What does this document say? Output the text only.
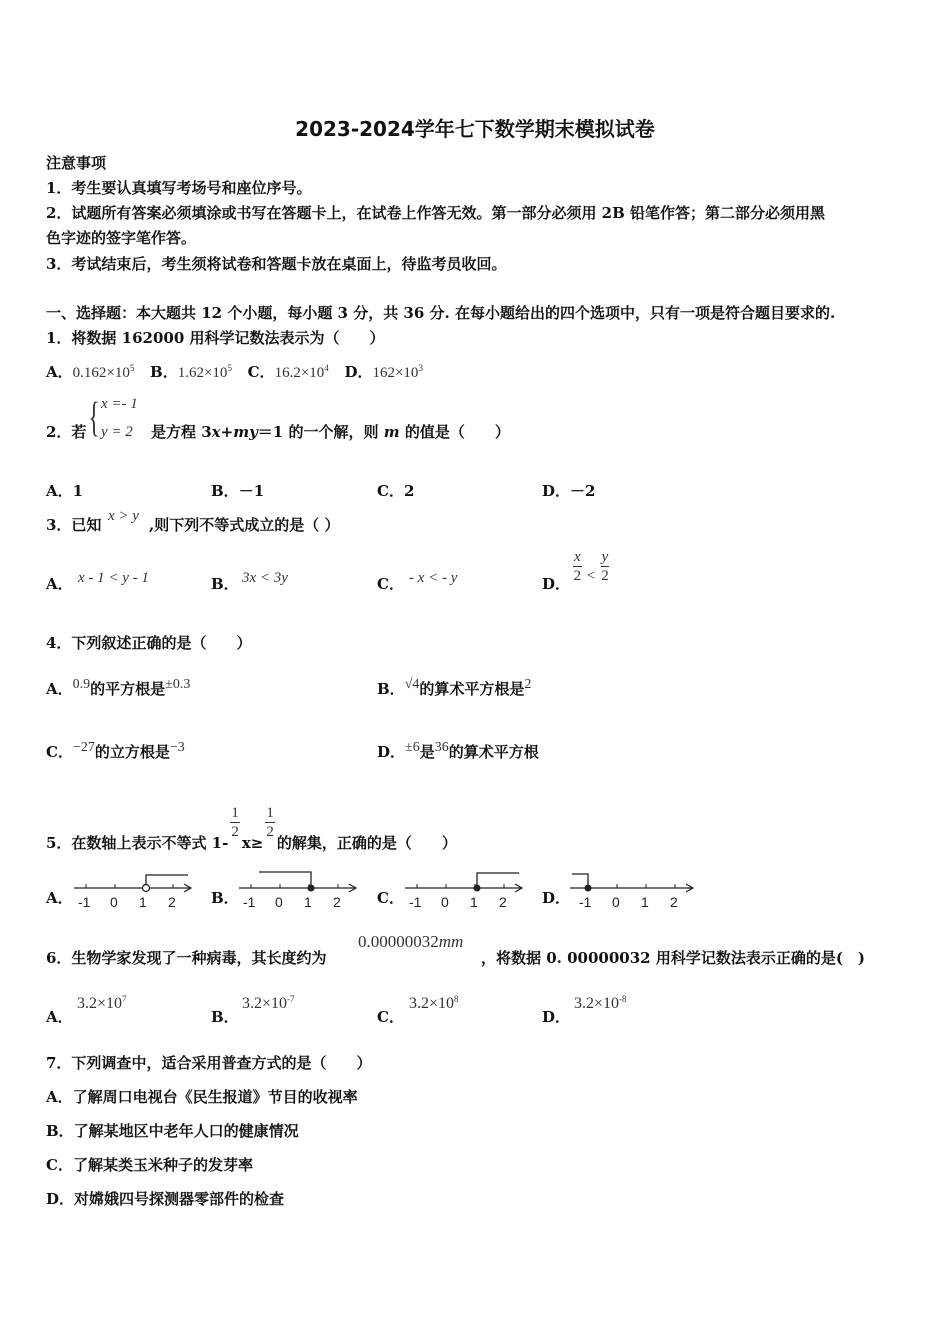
2023-2024学年七下数学期末模拟试卷
注意事项
1．考生要认真填写考场号和座位序号。
2．试题所有答案必须填涂或书写在答题卡上，在试卷上作答无效。第一部分必须用 2B 铅笔作答；第二部分必须用黑
色字迹的签字笔作答。
3．考试结束后，考生须将试卷和答题卡放在桌面上，待监考员收回。
一、选择题：本大题共 12 个小题，每小题 3 分，共 36 分. 在每小题给出的四个选项中，只有一项是符合题目要求的.
1．将数据 162000 用科学记数法表示为（　　）
A．$0.162\times 10^5$ B．$1.62\times 10^5$ C．$16.2\times 10^4$ D．$162\times 10^3$
2．若 { x =- 1
y = 2 是方程 3x+my＝1 的一个解，则 m 的值是（　　）
A．1	B．－1	C．2	D．－2
3．已知 x > y ,则下列不等式成立的是（ ）
A． x - 1 < y - 1	B． 3x < 3y	C． - x < - y	D． $\frac{x}{2} < \frac{y}{2}$
4．下列叙述正确的是（　　）
A．0.9的平方根是±0.3	B．√4的算术平方根是2
C．−27的立方根是−3	D．±6是36的算术平方根
5．在数轴上表示不等式 1-
$\frac{1}{2}$
x≥
$\frac{1}{2}$
的解集，正确的是（　　）
A．	B．	C．	D．
-1 0 1 2	-1 0 1 2	-1 0 1 2	-1 0 1 2
6．生物学家发现了一种病毒，其长度约为
0.00000032mm
，将数据 0. 00000032 用科学记数法表示正确的是(　)
A．
$3.2\times 10^7$
B．
$3.2\times 10^{-7}$
C．
$3.2\times 10^8$
D．
$3.2\times 10^{-8}$
7．下列调查中，适合采用普查方式的是（　　）
A．了解周口电视台《民生报道》节目的收视率
B．了解某地区中老年人口的健康情况
C．了解某类玉米种子的发芽率
D．对嫦娥四号探测器零部件的检查
